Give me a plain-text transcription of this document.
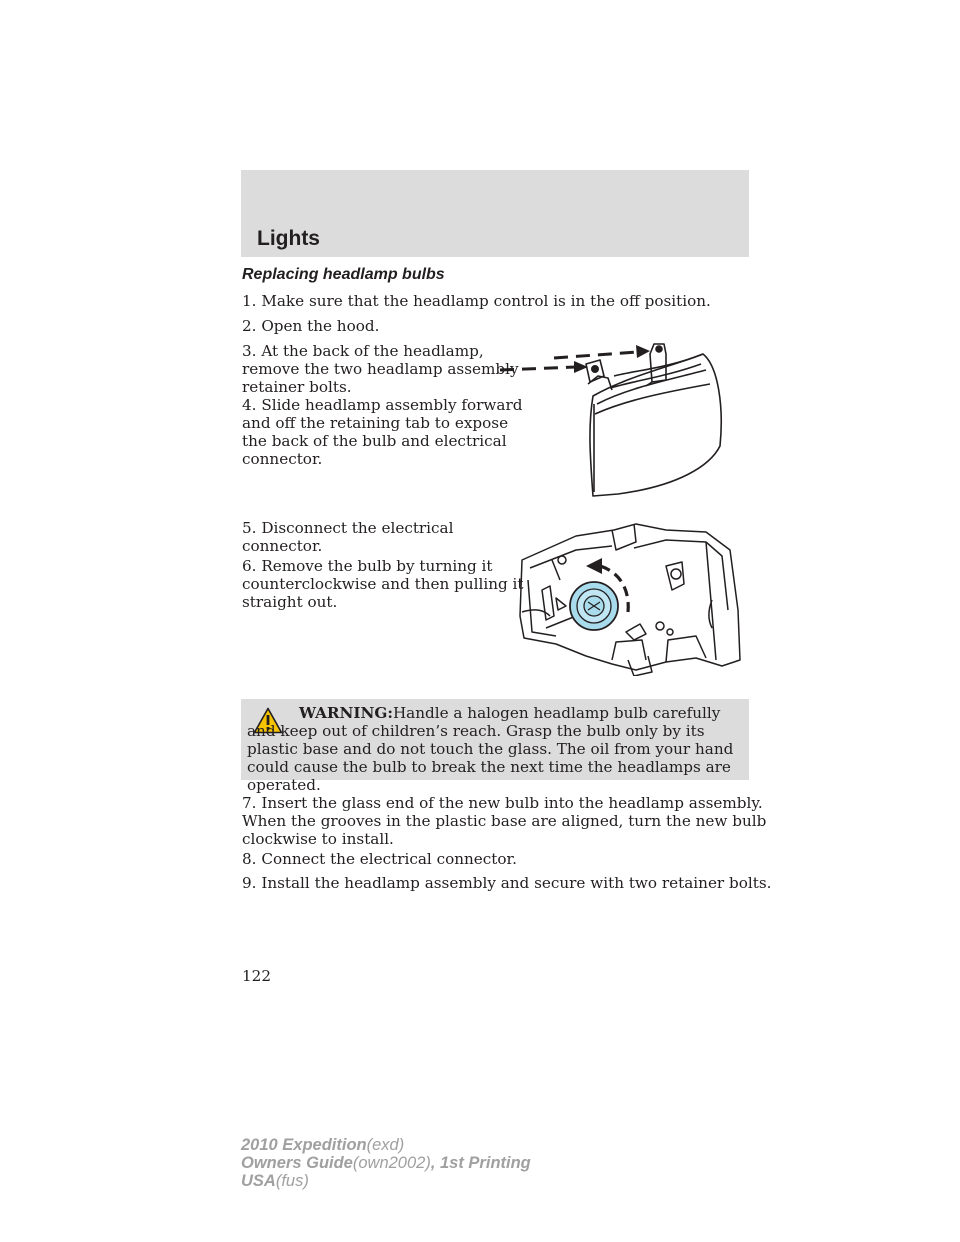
Lights
Replacing headlamp bulbs
1. Make sure that the headlamp control is in the off position.
2. Open the hood.
3. At the back of the headlamp,
remove the two headlamp assembly
retainer bolts.
4. Slide headlamp assembly forward
and off the retaining tab to expose
the back of the bulb and electrical
connector.
5. Disconnect the electrical
connector.
6. Remove the bulb by turning it
counterclockwise and then pulling it
straight out.
WARNING:Handle a halogen headlamp bulb carefully and keep out of children’s reach. Grasp the bulb only by its plastic base and do not touch the glass. The oil from your hand could cause the bulb to break the next time the headlamps are operated.
7. Insert the glass end of the new bulb into the headlamp assembly.
When the grooves in the plastic base are aligned, turn the new bulb
clockwise to install.
8. Connect the electrical connector.
9. Install the headlamp assembly and secure with two retainer bolts.
122
2010 Expedition(exd)
Owners Guide(own2002), 1st Printing
USA(fus)
